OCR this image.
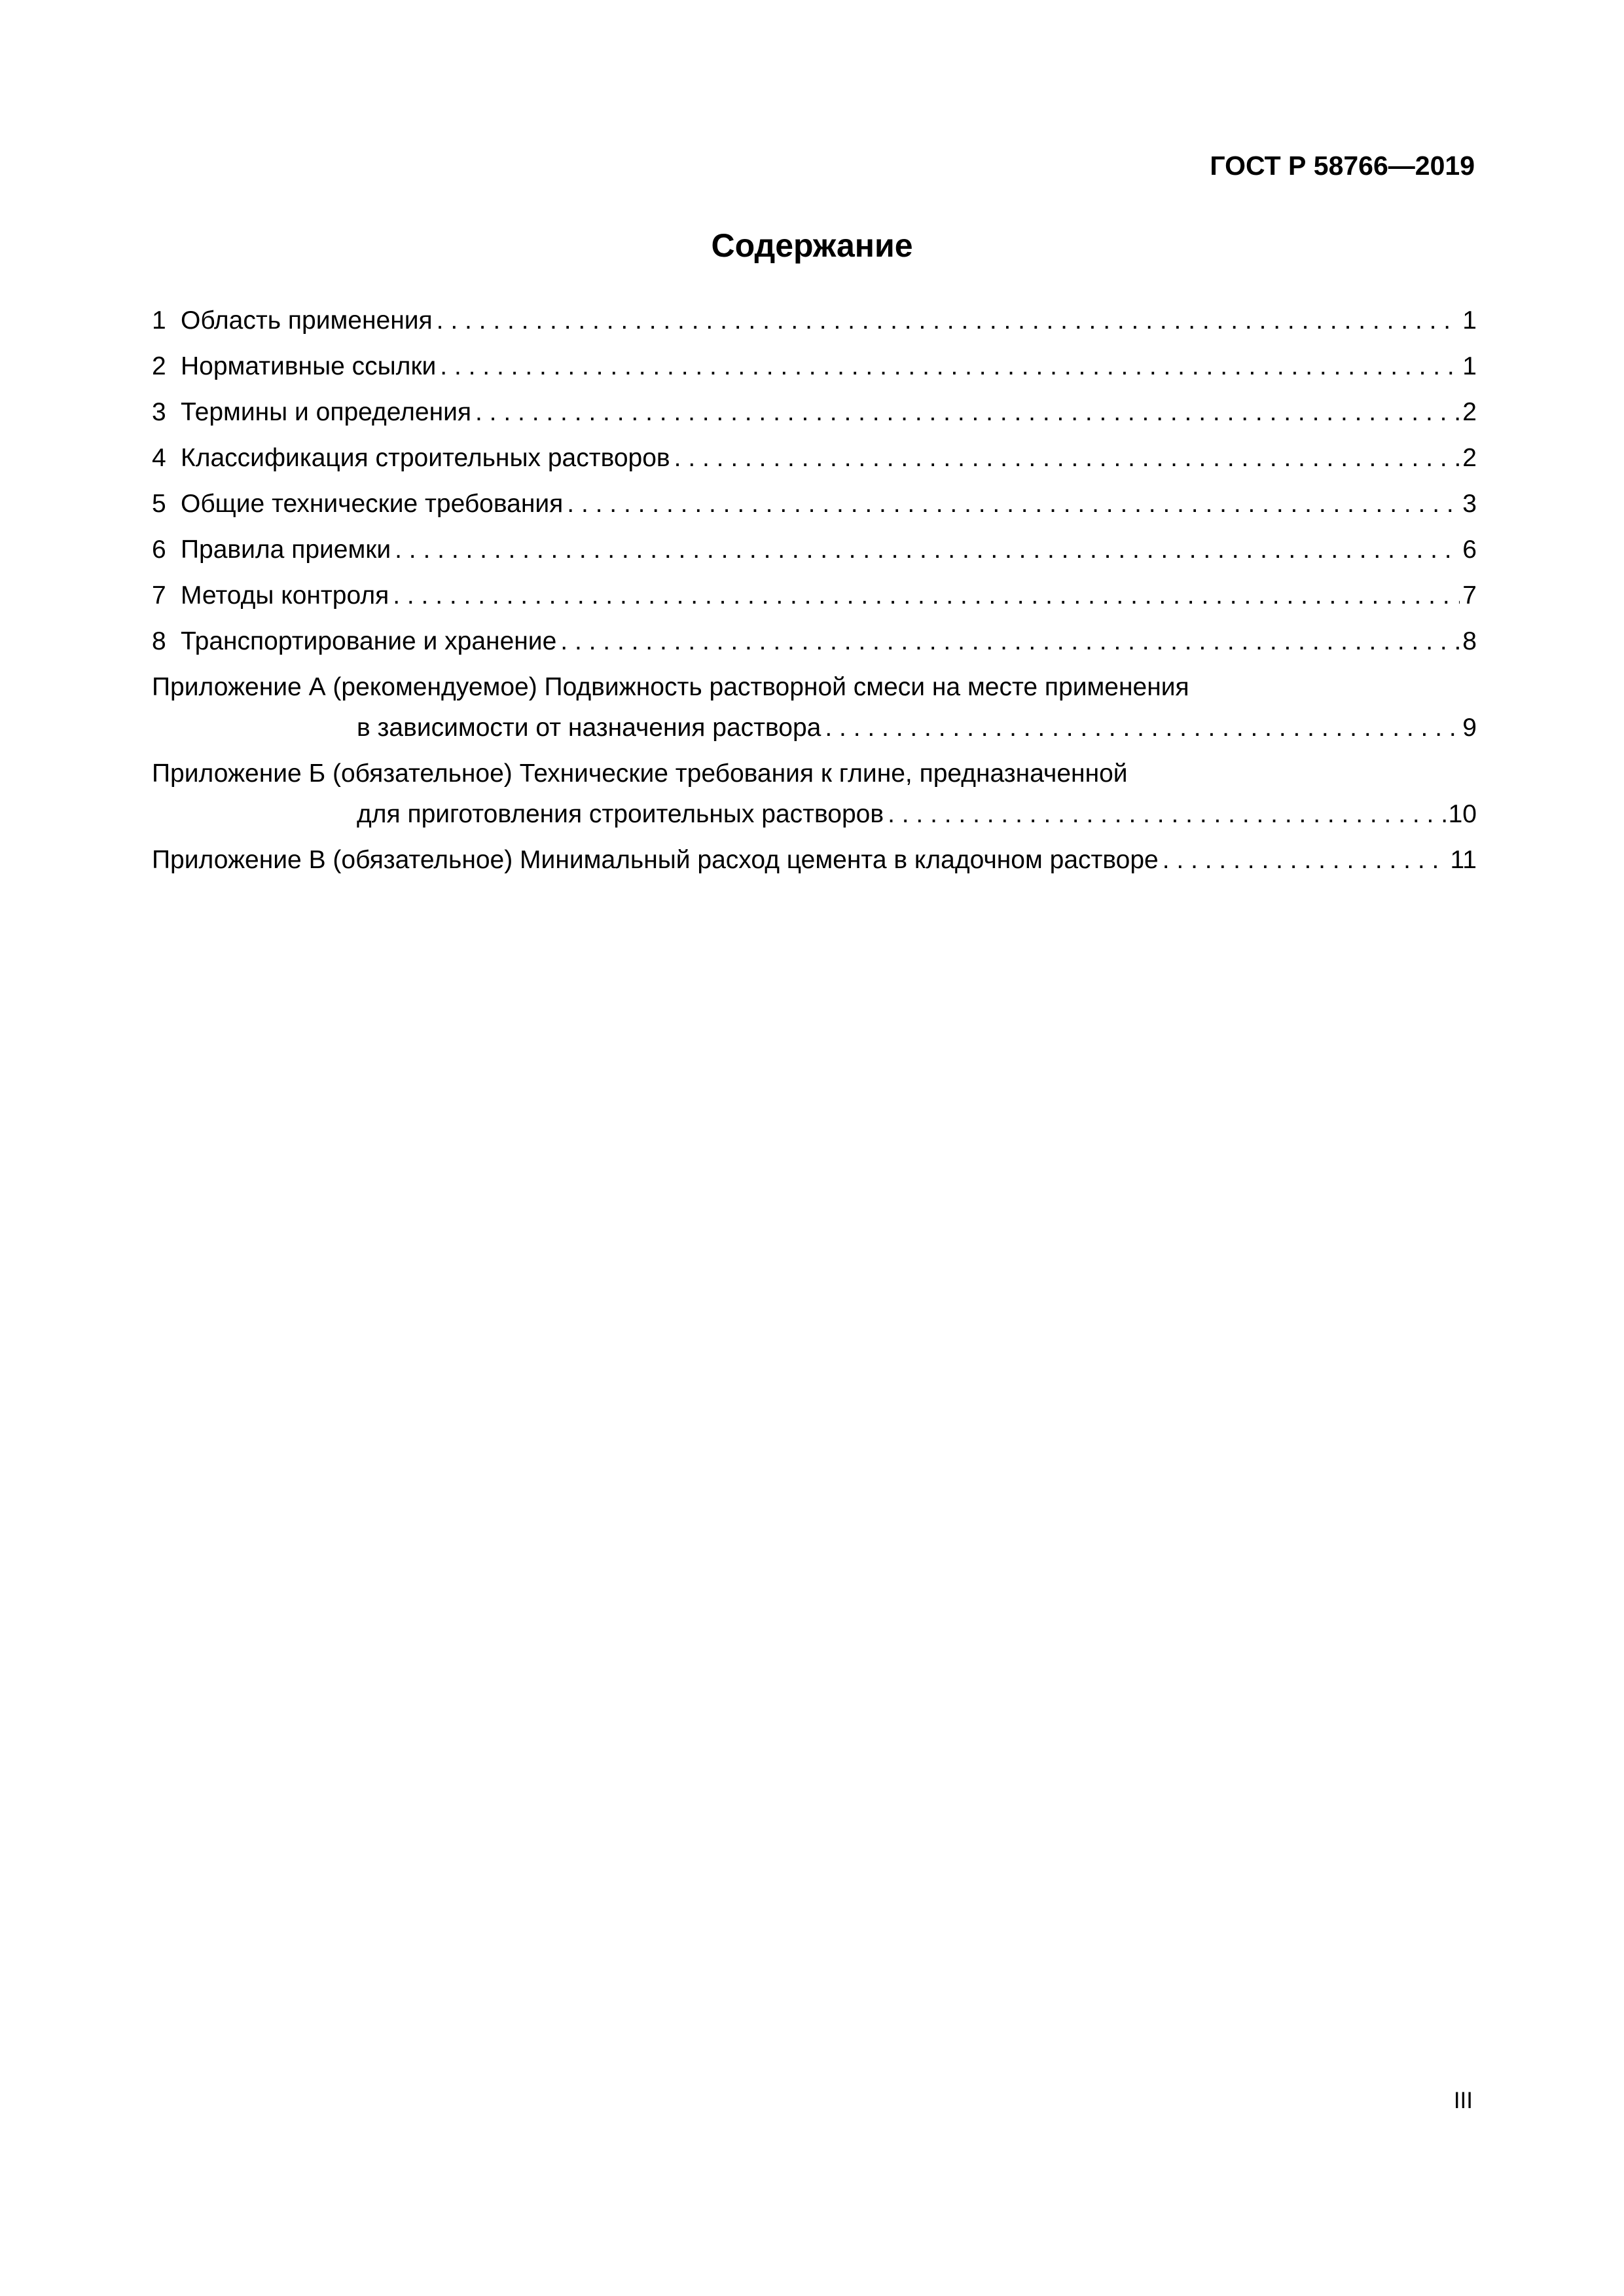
ГОСТ Р 58766—2019
Содержание
1 Область применения . . .	1
2 Нормативные ссылки . . .	1
3 Термины и определения . . .	2
4 Классификация строительных растворов . . .	2
5 Общие технические требования . . .	3
6 Правила приемки . . .	6
7 Методы контроля . . .	7
8 Транспортирование и хранение . . .	8
Приложение А (рекомендуемое) Подвижность растворной смеси на месте применения
в зависимости от назначения раствора . . .	9
Приложение Б (обязательное) Технические требования к глине, предназначенной
для приготовления строительных растворов . . .	10
Приложение В (обязательное) Минимальный расход цемента в кладочном растворе . . .	11
III
